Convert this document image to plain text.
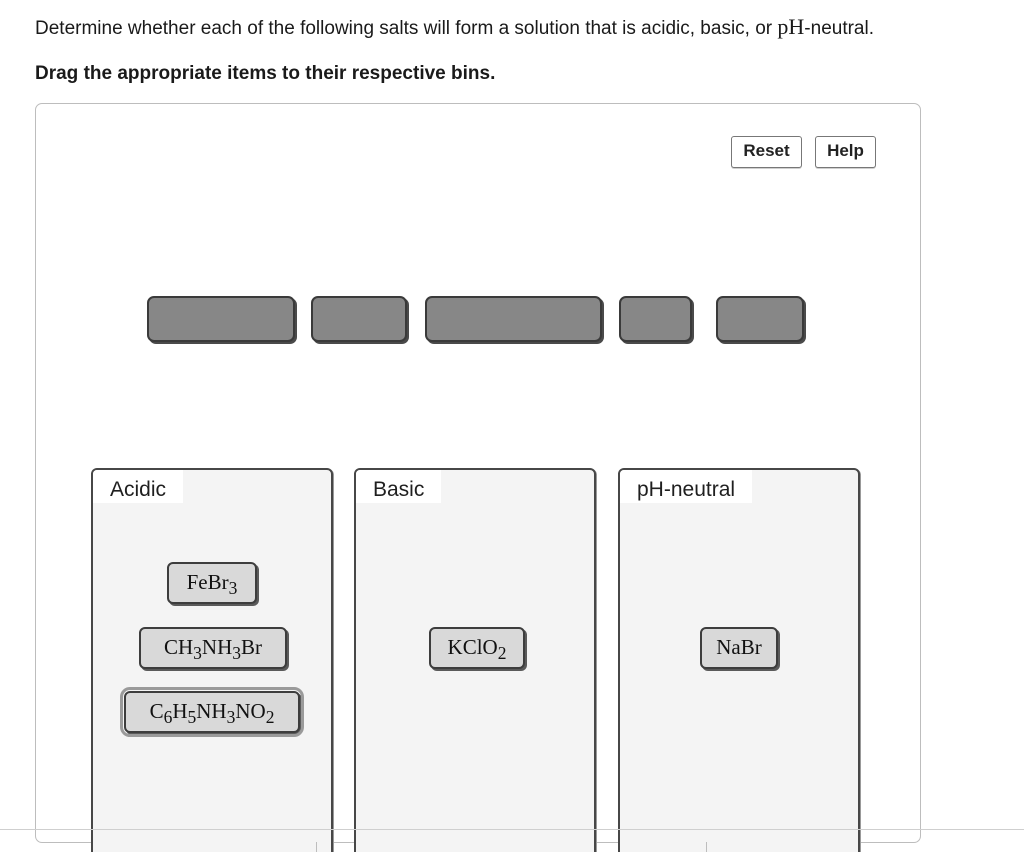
Determine whether each of the following salts will form a solution that is acidic, basic, or pH-neutral.
Drag the appropriate items to their respective bins.
Reset	Help
Acidic
FeBr$_3$
$CH_3NH_3Br$
$C_6H_5NH_3NO_2$
Basic
KClO$_2$
pH-neutral
NaBr
